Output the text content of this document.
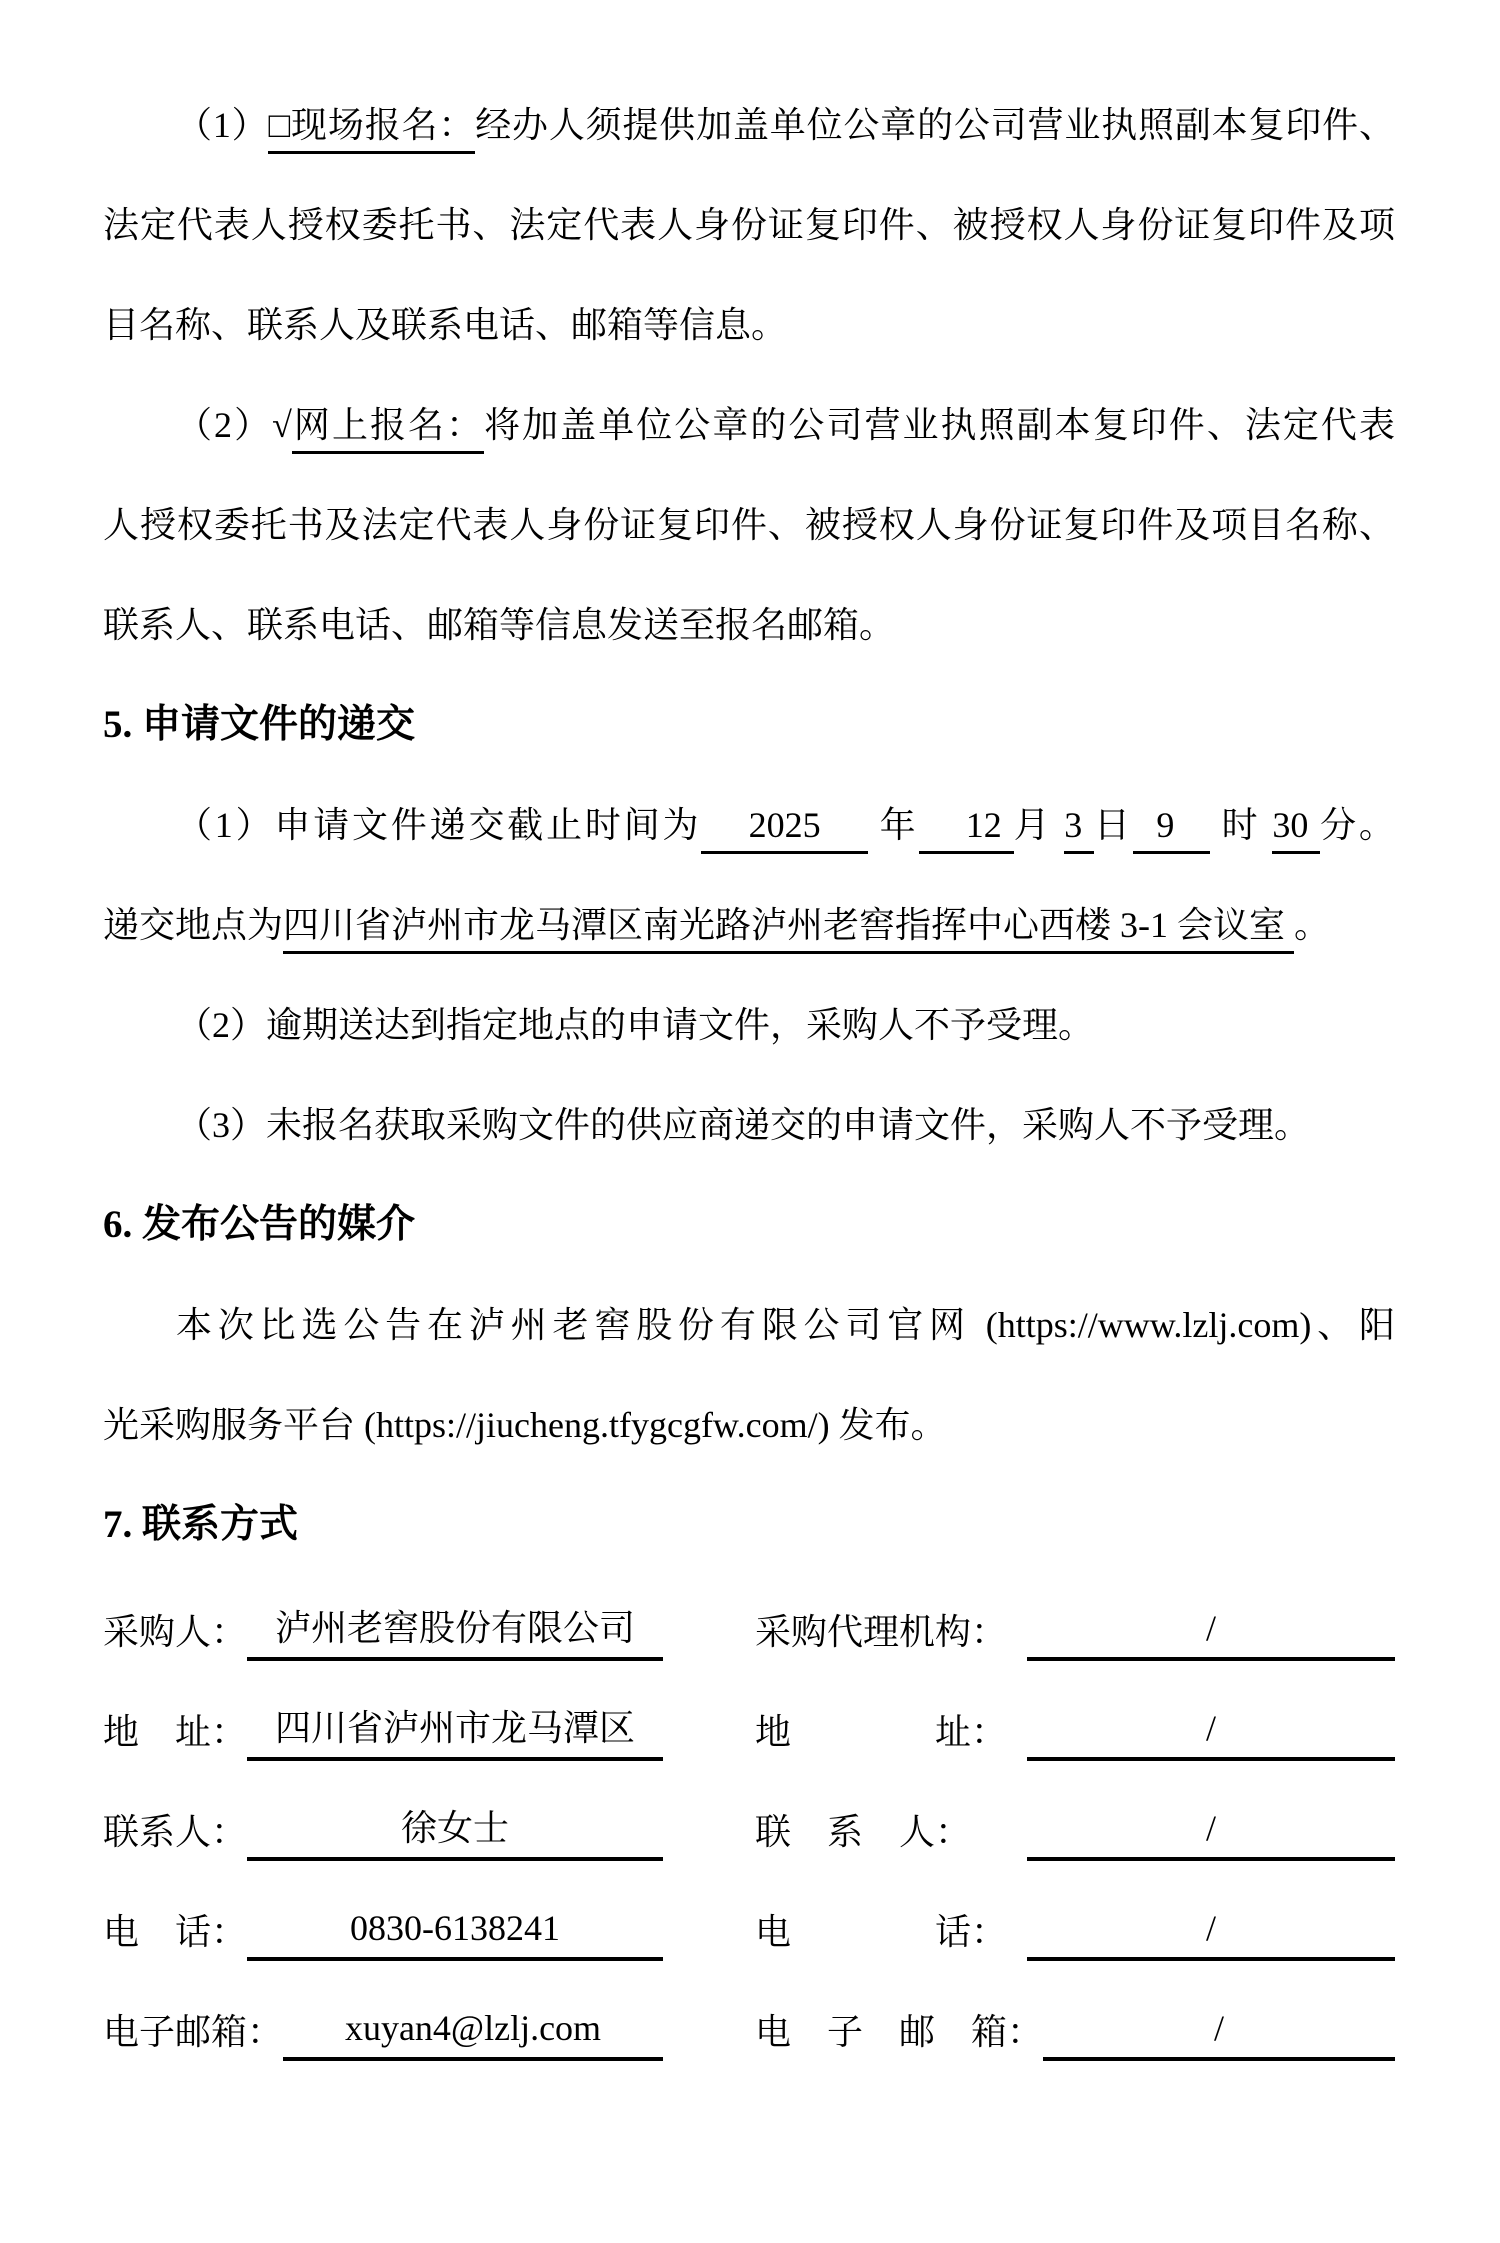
（1）□现场报名：经办人须提供加盖单位公章的公司营业执照副本复印件、
法定代表人授权委托书、法定代表人身份证复印件、被授权人身份证复印件及项
目名称、联系人及联系电话、邮箱等信息。
（2）√网上报名：将加盖单位公章的公司营业执照副本复印件、法定代表
人授权委托书及法定代表人身份证复印件、被授权人身份证复印件及项目名称、
联系人、联系电话、邮箱等信息发送至报名邮箱。
5. 申请文件的递交
（1）申请文件递交截止时间为    2025     年    12 月 3 日  9    时 30 分。
递交地点为四川省泸州市龙马潭区南光路泸州老窖指挥中心西楼 3-1 会议室 。
（2）逾期送达到指定地点的申请文件，采购人不予受理。
（3）未报名获取采购文件的供应商递交的申请文件，采购人不予受理。
6. 发布公告的媒介
本次比选公告在泸州老窖股份有限公司官网 (https://www.lzlj.com)、阳
光采购服务平台 (https://jiucheng.tfygcgfw.com/) 发布。
7. 联系方式
采购人： 泸州老窖股份有限公司	采购代理机构：	/
地　址： 四川省泸州市龙马潭区	地　　　　址：	/
联系人：	徐女士	联　系　人：	/
电　话：	0830-6138241	电　　　　话：	/
电子邮箱：	xuyan4@lzlj.com	电　子　邮　箱：	/
